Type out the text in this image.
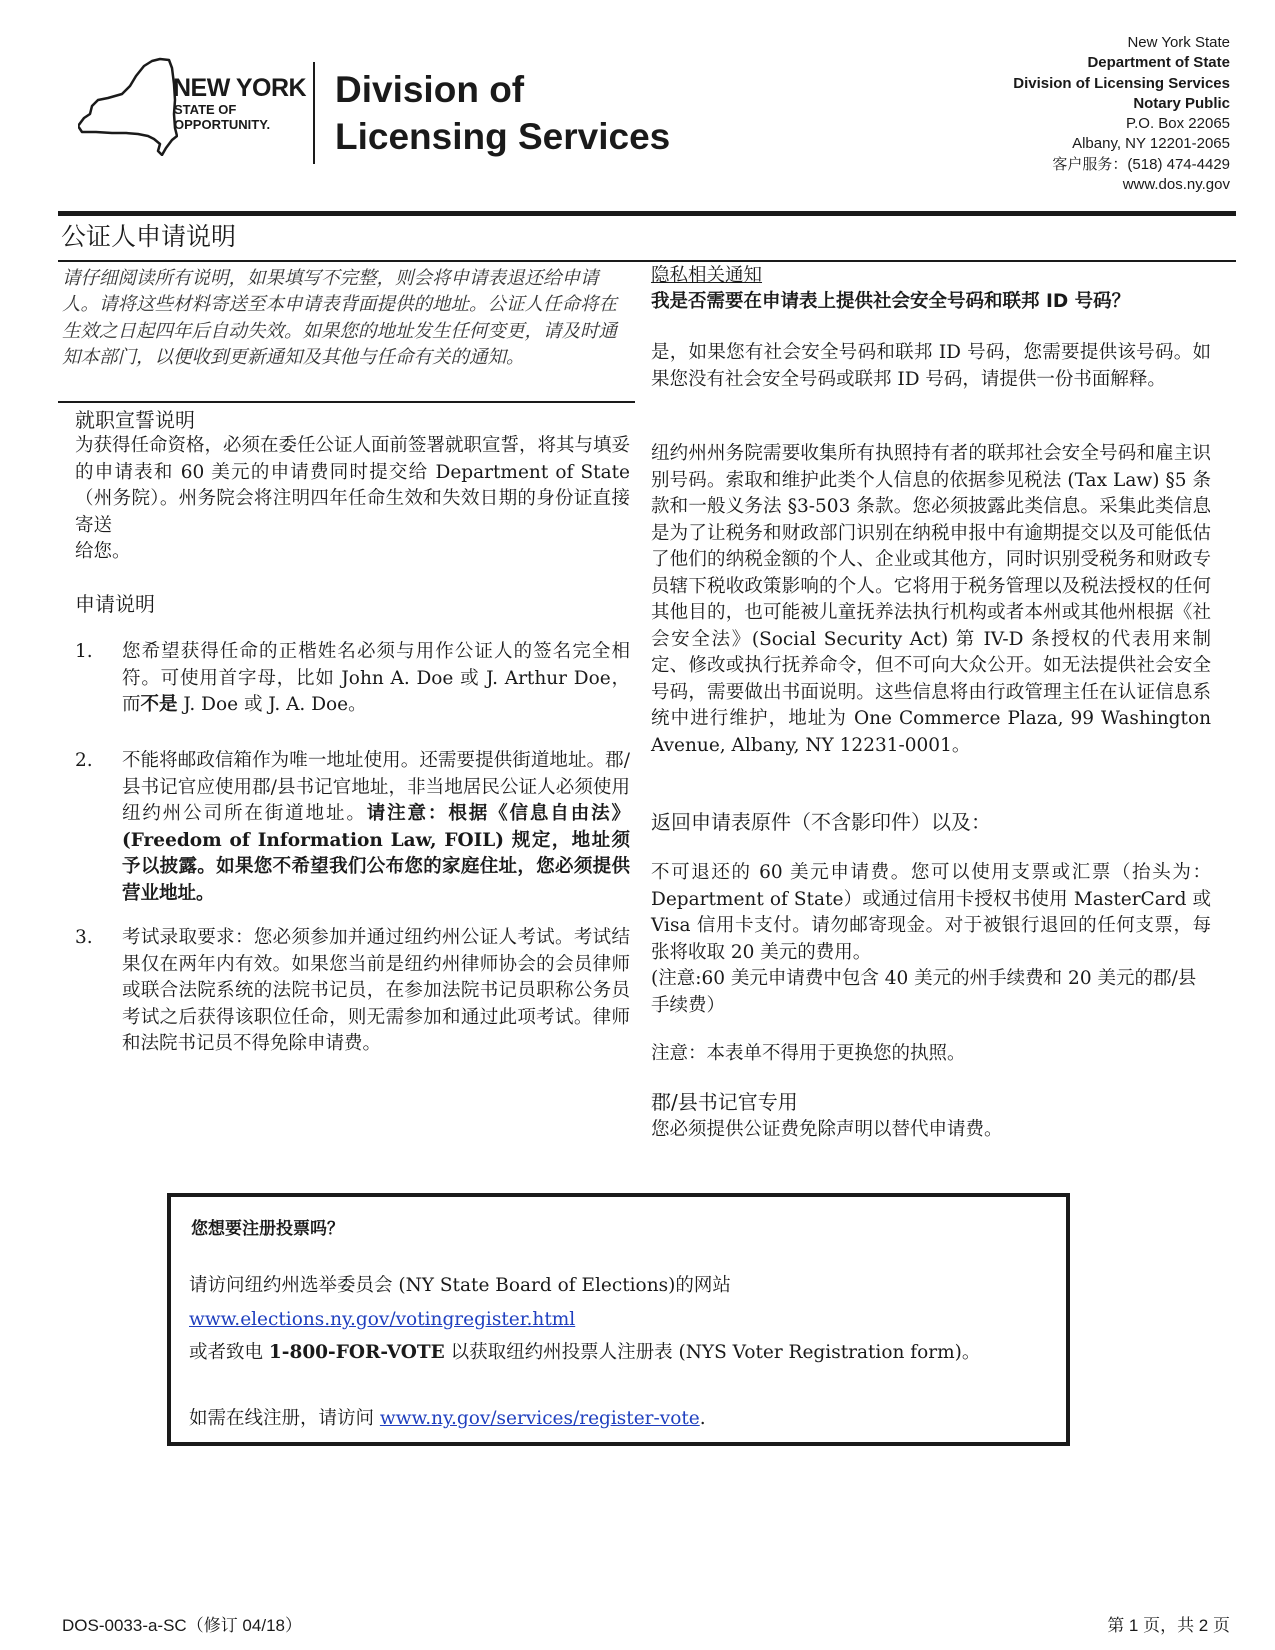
NEW YORK
STATE OF
OPPORTUNITY.
Division of
Licensing Services
New York State
Department of State
Division of Licensing Services
Notary Public
P.O. Box 22065
Albany, NY 12201-2065
客户服务：(518) 474-4429
www.dos.ny.gov
公证人申请说明
请仔细阅读所有说明，如果填写不完整，则会将申请表退还给申请人。请将这些材料寄送至本申请表背面提供的地址。公证人任命将在生效之日起四年后自动失效。如果您的地址发生任何变更，请及时通知本部门，以便收到更新通知及其他与任命有关的通知。
就职宣誓说明
为获得任命资格，必须在委任公证人面前签署就职宣誓，将其与填妥的申请表和 60 美元的申请费同时提交给 Department of State （州务院）。州务院会将注明四年任命生效和失效日期的身份证直接寄送
给您。
申请说明
1. 您希望获得任命的正楷姓名必须与用作公证人的签名完全相符。可使用首字母，比如 John A. Doe 或 J. Arthur Doe，而不是 J. Doe 或 J. A. Doe。
2. 不能将邮政信箱作为唯一地址使用。还需要提供街道地址。郡/县书记官应使用郡/县书记官地址，非当地居民公证人必须使用纽约州公司所在街道地址。请注意：根据《信息自由法》(Freedom of Information Law, FOIL) 规定，地址须予以披露。如果您不希望我们公布您的家庭住址，您必须提供营业地址。
3. 考试录取要求：您必须参加并通过纽约州公证人考试。考试结果仅在两年内有效。如果您当前是纽约州律师协会的会员律师或联合法院系统的法院书记员，在参加法院书记员职称公务员考试之后获得该职位任命，则无需参加和通过此项考试。律师和法院书记员不得免除申请费。
隐私相关通知
我是否需要在申请表上提供社会安全号码和联邦 ID 号码？
是，如果您有社会安全号码和联邦 ID 号码，您需要提供该号码。如果您没有社会安全号码或联邦 ID 号码，请提供一份书面解释。
纽约州州务院需要收集所有执照持有者的联邦社会安全号码和雇主识别号码。索取和维护此类个人信息的依据参见税法 (Tax Law) §5 条款和一般义务法 §3-503 条款。您必须披露此类信息。采集此类信息是为了让税务和财政部门识别在纳税申报中有逾期提交以及可能低估了他们的纳税金额的个人、企业或其他方，同时识别受税务和财政专员辖下税收政策影响的个人。它将用于税务管理以及税法授权的任何其他目的，也可能被儿童抚养法执行机构或者本州或其他州根据《社会安全法》(Social Security Act) 第 IV-D 条授权的代表用来制定、修改或执行抚养命令，但不可向大众公开。如无法提供社会安全号码，需要做出书面说明。这些信息将由行政管理主任在认证信息系统中进行维护，地址为 One Commerce Plaza, 99 Washington Avenue, Albany, NY 12231-0001。
返回申请表原件（不含影印件）以及：
不可退还的 60 美元申请费。您可以使用支票或汇票（抬头为：Department of State）或通过信用卡授权书使用 MasterCard 或 Visa 信用卡支付。请勿邮寄现金。对于被银行退回的任何支票，每张将收取 20 美元的费用。
(注意:60 美元申请费中包含 40 美元的州手续费和 20 美元的郡/县手续费）
注意：本表单不得用于更换您的执照。
郡/县书记官专用
您必须提供公证费免除声明以替代申请费。
您想要注册投票吗？
请访问纽约州选举委员会 (NY State Board of Elections)的网站
www.elections.ny.gov/votingregister.html
或者致电 1-800-FOR-VOTE 以获取纽约州投票人注册表 (NYS Voter Registration form)。
如需在线注册，请访问 www.ny.gov/services/register-vote.
DOS-0033-a-SC（修订 04/18）	第 1 页，共 2 页
